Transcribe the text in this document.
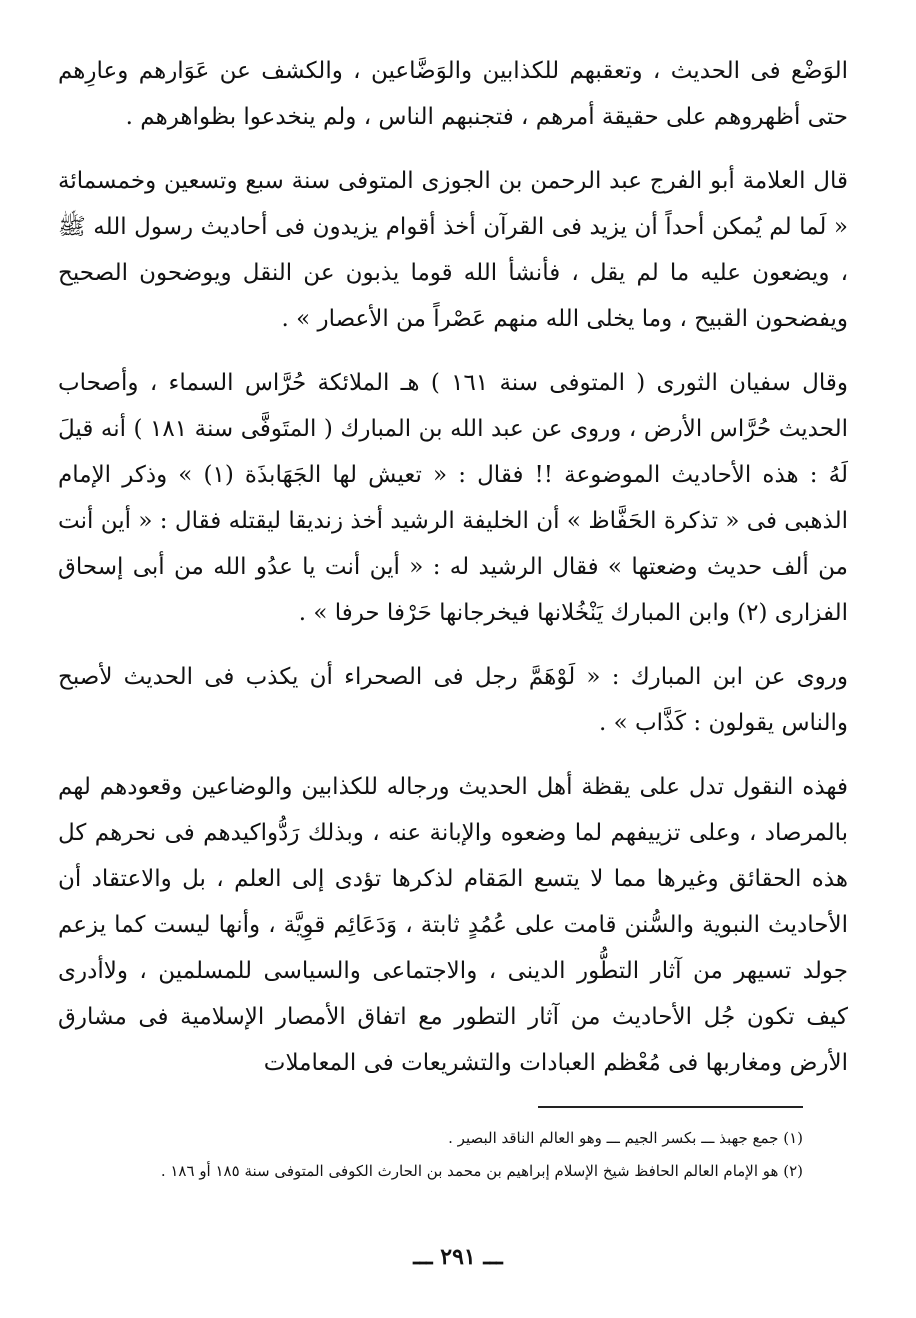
الوَضْع فى الحديث ، وتعقبهم للكذابين والوَضَّاعين ، والكشف عن عَوَارهم وعارِهم حتى أظهروهم على حقيقة أمرهم ، فتجنبهم الناس ، ولم ينخدعوا بظواهرهم .

قال العلامة أبو الفرج عبد الرحمن بن الجوزى المتوفى سنة سبع وتسعين وخمسمائة « لَما لم يُمكن أحداً أن يزيد فى القرآن أخذ أقوام يزيدون فى أحاديث رسول الله ﷺ ، ويضعون عليه ما لم يقل ، فأنشأ الله قوما يذبون عن النقل ويوضحون الصحيح ويفضحون القبيح ، وما يخلى الله منهم عَصْراً من الأعصار » .

وقال سفيان الثورى ( المتوفى سنة ١٦١ ) هـ الملائكة حُرَّاس السماء ، وأصحاب الحديث حُرَّاس الأرض ، وروى عن عبد الله بن المبارك ( المتَوفَّى سنة ١٨١ ) أنه قيلَ لَهُ : هذه الأحاديث الموضوعة !! فقال : « تعيش لها الجَهَابذَة (١) » وذكر الإمام الذهبى فى « تذكرة الحَفَّاظ » أن الخليفة الرشيد أخذ زنديقا ليقتله فقال : « أين أنت من ألف حديث وضعتها » فقال الرشيد له : « أين أنت يا عدُو الله من أبى إسحاق الفزارى (٢) وابن المبارك يَنْخُلانها فيخرجانها حَرْفا حرفا » .

وروى عن ابن المبارك : « لَوْهَمَّ رجل فى الصحراء أن يكذب فى الحديث لأصبح والناس يقولون : كَذَّاب » .

فهذه النقول تدل على يقظة أهل الحديث ورجاله للكذابين والوضاعين وقعودهم لهم بالمرصاد ، وعلى تزييفهم لما وضعوه والإبانة عنه ، وبذلك رَدُّواكيدهم فى نحرهم كل هذه الحقائق وغيرها مما لا يتسع المَقام لذكرها تؤدى إلى العلم ، بل والاعتقاد أن الأحاديث النبوية والسُّنن قامت على عُمُدٍ ثابتة ، وَدَعَائِم قوِيَّة ، وأنها ليست كما يزعم جولد تسيهر من آثار التطُّور الدينى ، والاجتماعى والسياسى للمسلمين ، ولاأدرى كيف تكون جُل الأحاديث من آثار التطور مع اتفاق الأمصار الإسلامية فى مشارق الأرض ومغاربها فى مُعْظم العبادات والتشريعات فى المعاملات

(١) جمع جهبذ ـــ بكسر الجيم ـــ وهو العالم الناقد البصير .

(٢) هو الإمام العالم الحافظ شيخ الإسلام إبراهيم بن محمد بن الحارث الكوفى المتوفى سنة ١٨٥ أو ١٨٦ .

ـــ ٢٩١ ـــ
